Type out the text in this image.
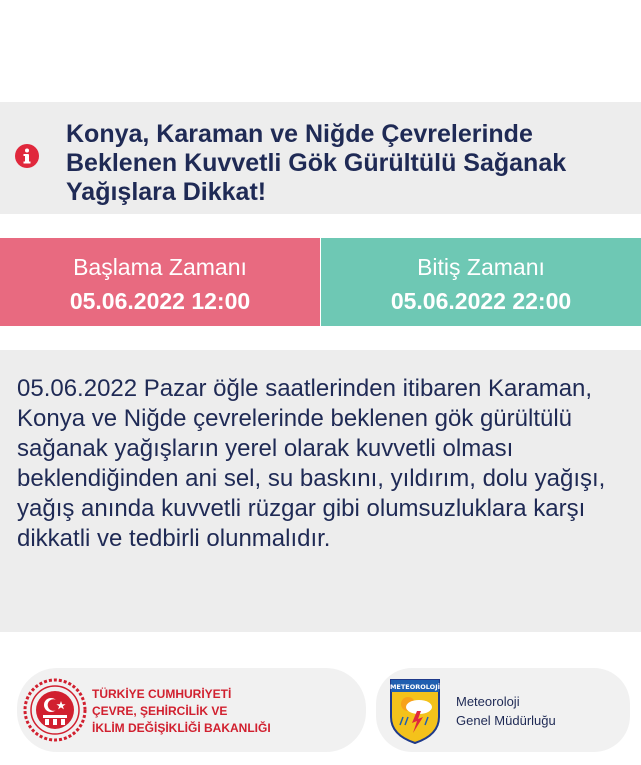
Konya, Karaman ve Niğde Çevrelerinde Beklenen Kuvvetli Gök Gürültülü Sağanak Yağışlara Dikkat!
Başlama Zamanı
05.06.2022 12:00
Bitiş Zamanı
05.06.2022 22:00

05.06.2022 Pazar öğle saatlerinden itibaren Karaman, Konya ve Niğde çevrelerinde beklenen gök gürültülü sağanak yağışların yerel olarak kuvvetli olması beklendiğinden ani sel, su baskını, yıldırım, dolu yağışı, yağış anında kuvvetli rüzgar gibi olumsuzluklara karşı dikkatli ve tedbirli olunmalıdır.

TÜRKİYE CUMHURİYETİ
ÇEVRE, ŞEHİRCİLİK VE
İKLİM DEĞİŞİKLİĞİ BAKANLIĞI

METEOROLOJİ
Meteoroloji
Genel Müdürluğu
